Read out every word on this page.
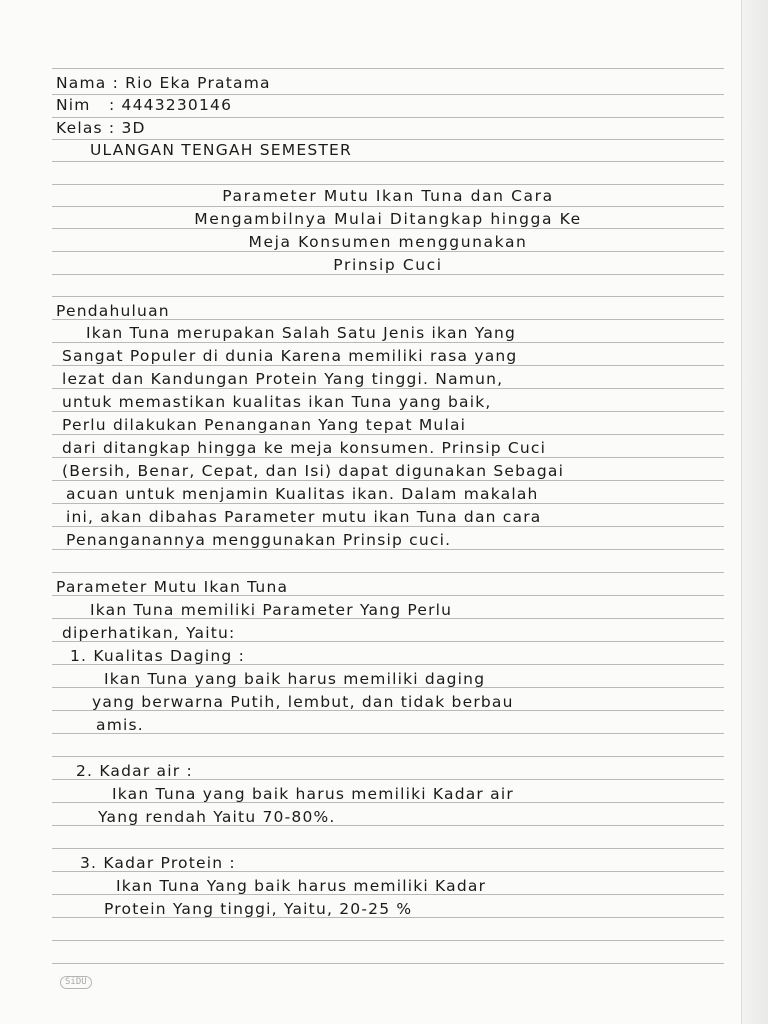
Nama : Rio Eka Pratama
Nim   : 4443230146
Kelas : 3D
ULANGAN TENGAH SEMESTER
Parameter Mutu Ikan Tuna dan Cara
Mengambilnya Mulai Ditangkap hingga Ke
Meja Konsumen menggunakan
Prinsip Cuci
Pendahuluan
Ikan Tuna merupakan Salah Satu Jenis ikan Yang
Sangat Populer di dunia Karena memiliki rasa yang
lezat dan Kandungan Protein Yang tinggi. Namun,
untuk memastikan kualitas ikan Tuna yang baik,
Perlu dilakukan Penanganan Yang tepat Mulai
dari ditangkap hingga ke meja konsumen. Prinsip Cuci
(Bersih, Benar, Cepat, dan Isi) dapat digunakan Sebagai
acuan untuk menjamin Kualitas ikan. Dalam makalah
ini, akan dibahas Parameter mutu ikan Tuna dan cara
Penanganannya menggunakan Prinsip cuci.
Parameter Mutu Ikan Tuna
Ikan Tuna memiliki Parameter Yang Perlu
diperhatikan, Yaitu:
1. Kualitas Daging :
Ikan Tuna yang baik harus memiliki daging
yang berwarna Putih, lembut, dan tidak berbau
amis.
2. Kadar air :
Ikan Tuna yang baik harus memiliki Kadar air
Yang rendah Yaitu 70-80%.
3. Kadar Protein :
Ikan Tuna Yang baik harus memiliki Kadar
Protein Yang tinggi, Yaitu, 20-25 %
SiDU
